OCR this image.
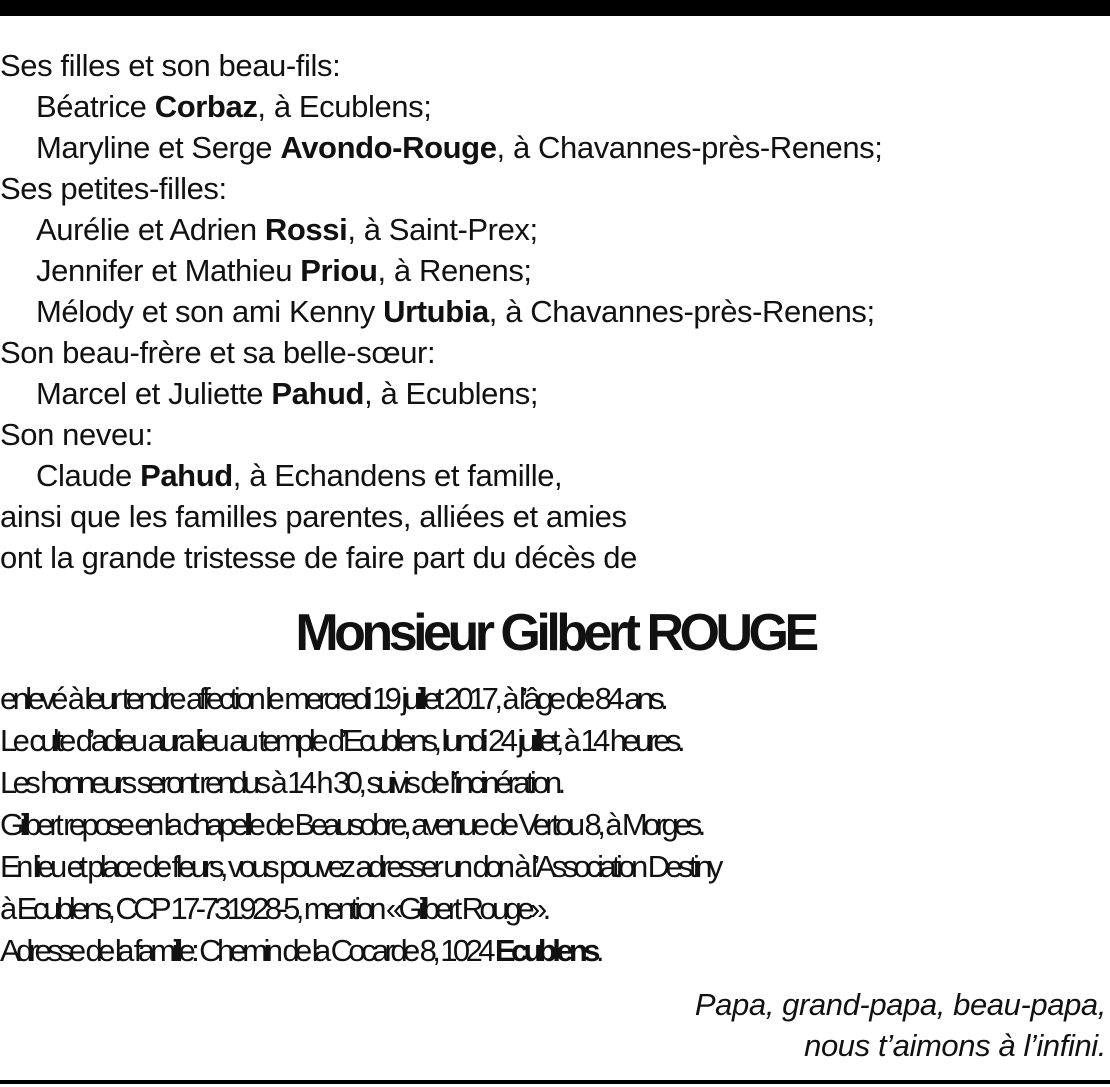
Ses filles et son beau-fils:
Béatrice Corbaz, à Ecublens;
Maryline et Serge Avondo-Rouge, à Chavannes-près-Renens;
Ses petites-filles:
Aurélie et Adrien Rossi, à Saint-Prex;
Jennifer et Mathieu Priou, à Renens;
Mélody et son ami Kenny Urtubia, à Chavannes-près-Renens;
Son beau-frère et sa belle-sœur:
Marcel et Juliette Pahud, à Ecublens;
Son neveu:
Claude Pahud, à Echandens et famille,
ainsi que les familles parentes, alliées et amies
ont la grande tristesse de faire part du décès de
Monsieur Gilbert ROUGE
enlevé à leur tendre affection le mercredi 19 juillet 2017, à l’âge de 84 ans.
Le culte d’adieu aura lieu au temple d’Ecublens, lundi 24 juillet, à 14 heures.
Les honneurs seront rendus à 14 h 30, suivis de l’incinération.
Gilbert repose en la chapelle de Beausobre, avenue de Vertou 8, à Morges.
En lieu et place de fleurs, vous pouvez adresser un don à l’Association Destiny
à Ecublens, CCP 17-731928-5, mention «Gilbert Rouge».
Adresse de la famille: Chemin de la Cocarde 8, 1024 Ecublens.
Papa, grand-papa, beau-papa,
nous t’aimons à l’infini.
